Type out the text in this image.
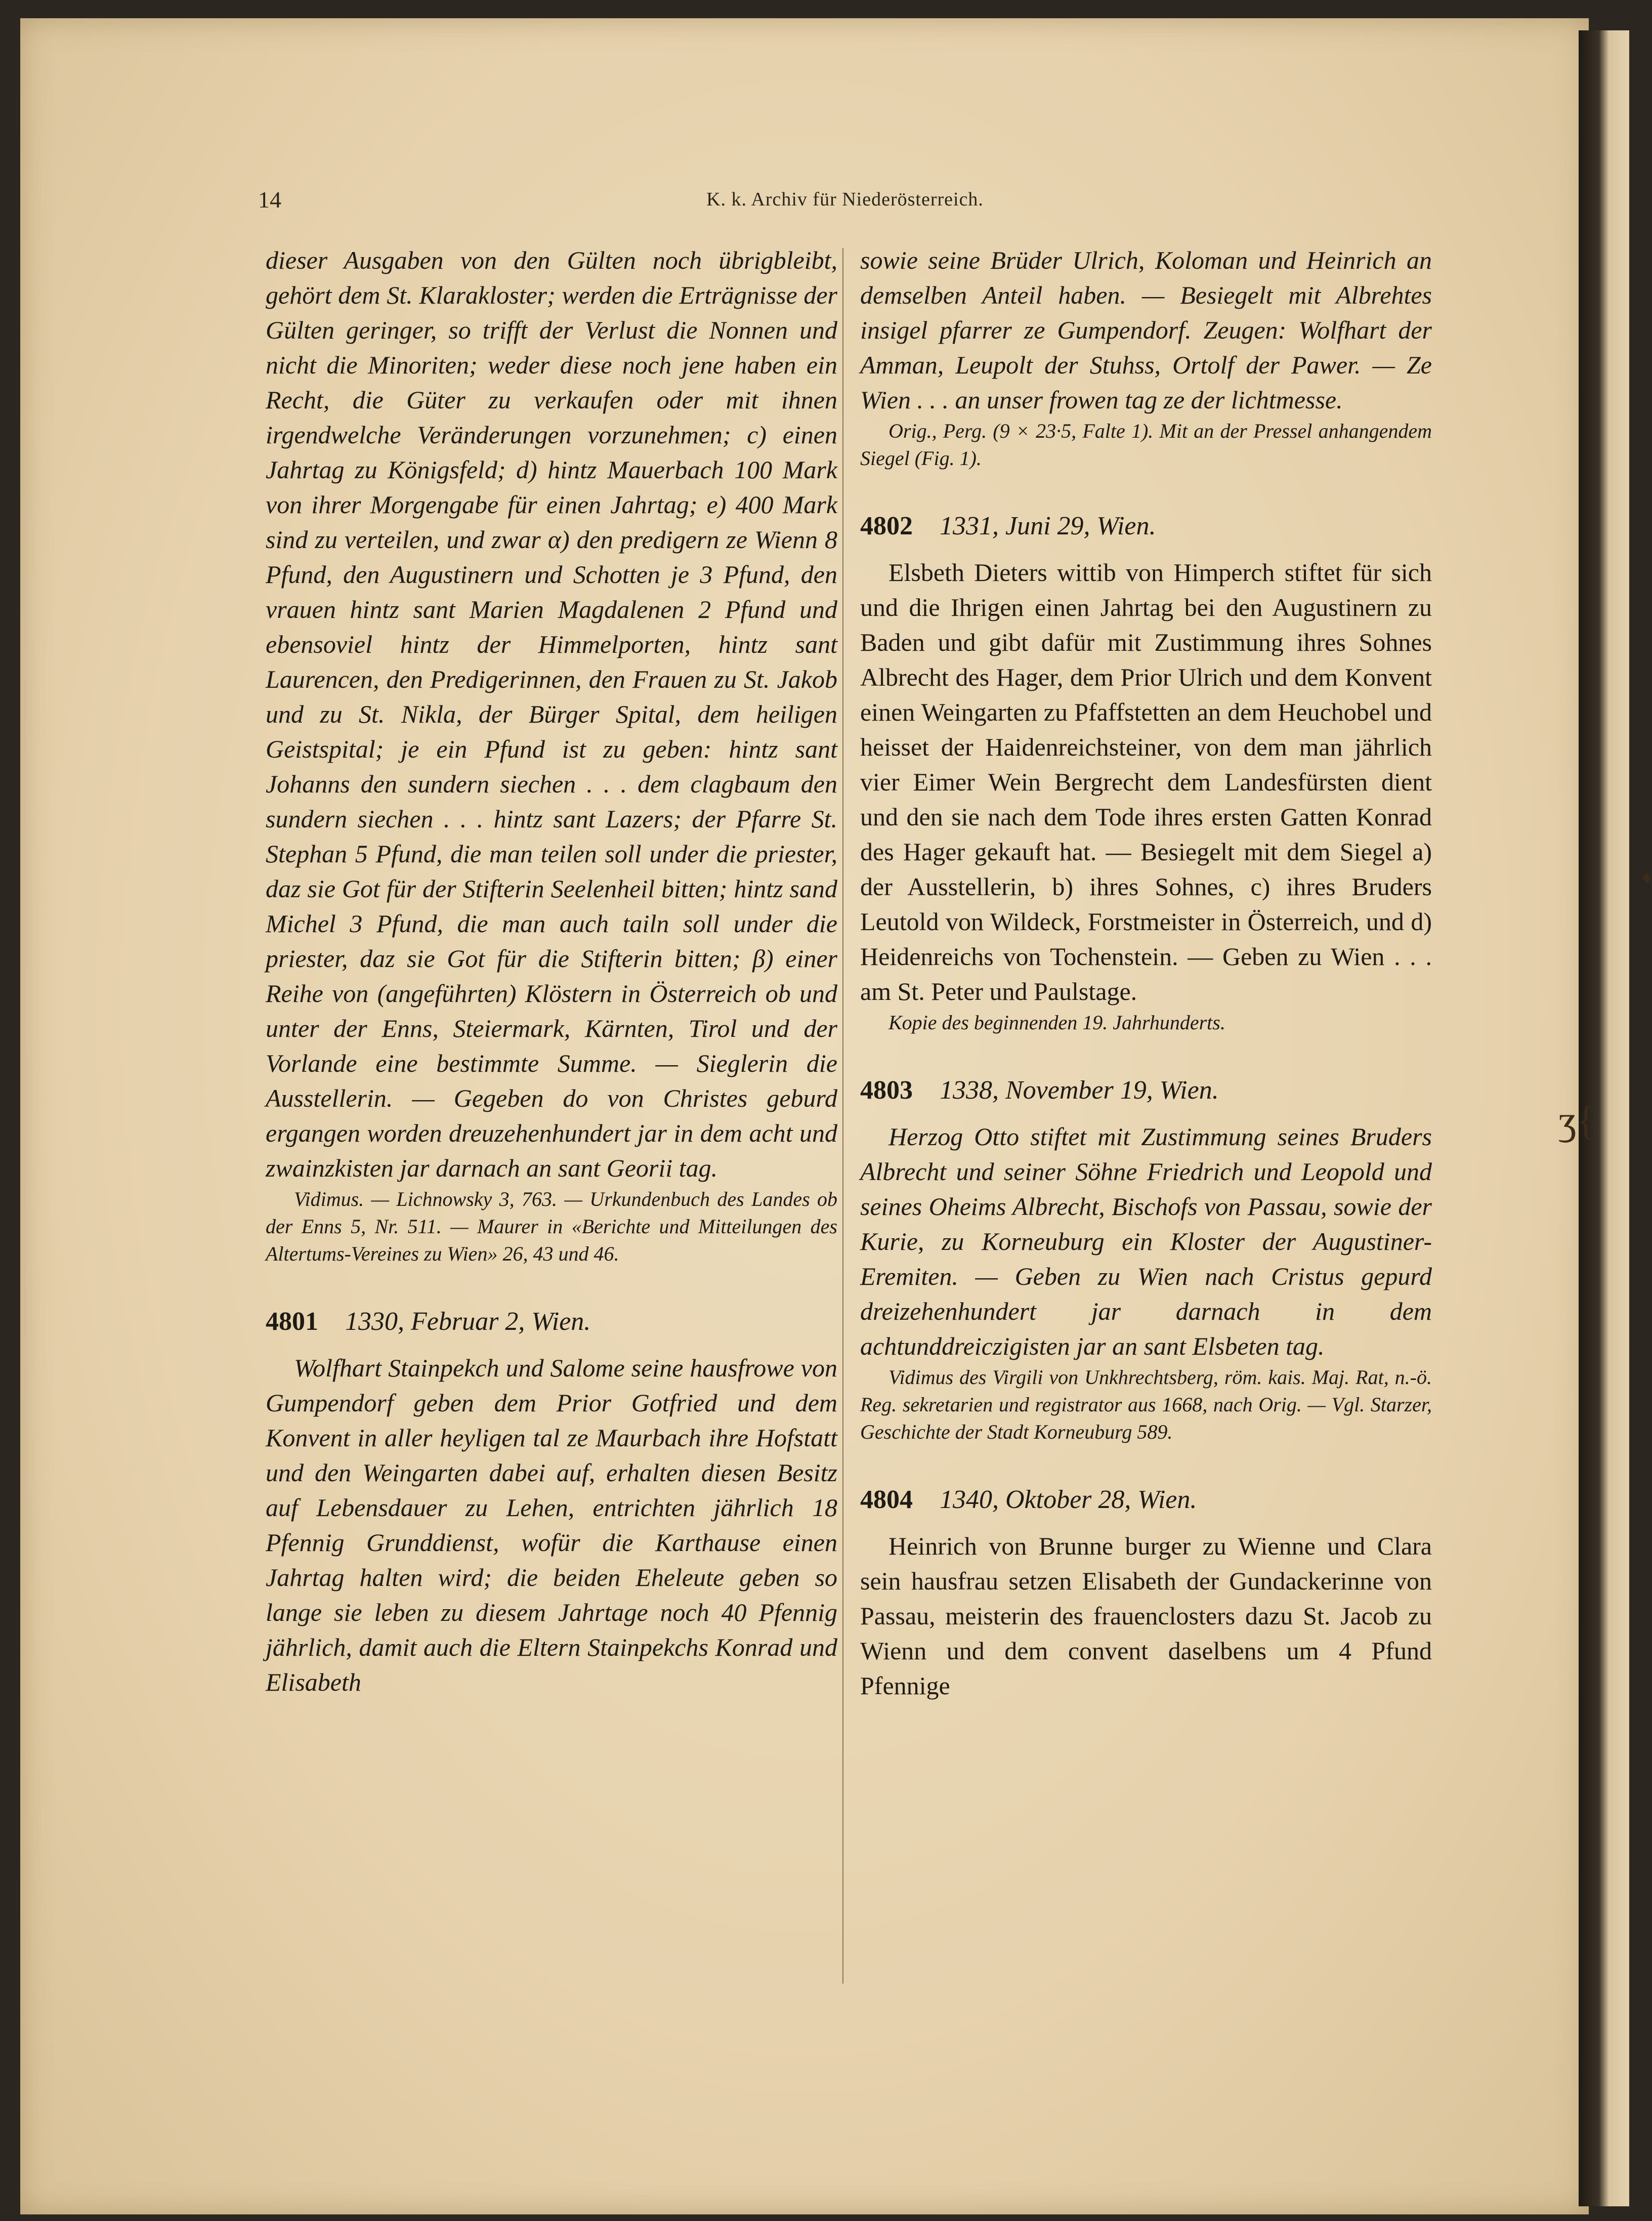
14	K. k. Archiv für Niederösterreich.

dieser Ausgaben von den Gülten noch übrigbleibt, gehört dem St. Klarakloster; werden die Erträgnisse der Gülten geringer, so trifft der Verlust die Nonnen und nicht die Minoriten; weder diese noch jene haben ein Recht, die Güter zu verkaufen oder mit ihnen irgendwelche Veränderungen vorzunehmen; c) einen Jahrtag zu Königsfeld; d) hintz Mauerbach 100 Mark von ihrer Morgengabe für einen Jahrtag; e) 400 Mark sind zu verteilen, und zwar α) den predigern ze Wienn 8 Pfund, den Augustinern und Schotten je 3 Pfund, den vrauen hintz sant Marien Magdalenen 2 Pfund und ebensoviel hintz der Himmelporten, hintz sant Laurencen, den Predigerinnen, den Frauen zu St. Jakob und zu St. Nikla, der Bürger Spital, dem heiligen Geistspital; je ein Pfund ist zu geben: hintz sant Johanns den sundern siechen . . . dem clagbaum den sundern siechen . . . hintz sant Lazers; der Pfarre St. Stephan 5 Pfund, die man teilen soll under die priester, daz sie Got für der Stifterin Seelenheil bitten; hintz sand Michel 3 Pfund, die man auch tailn soll under die priester, daz sie Got für die Stifterin bitten; β) einer Reihe von (angeführten) Klöstern in Österreich ob und unter der Enns, Steiermark, Kärnten, Tirol und der Vorlande eine bestimmte Summe. — Sieglerin die Ausstellerin. — Gegeben do von Christes geburd ergangen worden dreuzehenhundert jar in dem acht und zwainzkisten jar darnach an sant Georii tag.

Vidimus. — Lichnowsky 3, 763. — Urkundenbuch des Landes ob der Enns 5, Nr. 511. — Maurer in «Berichte und Mitteilungen des Altertums-Vereines zu Wien» 26, 43 und 46.

4801 1330, Februar 2, Wien.

Wolfhart Stainpekch und Salome seine hausfrowe von Gumpendorf geben dem Prior Gotfried und dem Konvent in aller heyligen tal ze Maurbach ihre Hofstatt und den Weingarten dabei auf, erhalten diesen Besitz auf Lebensdauer zu Lehen, entrichten jährlich 18 Pfennig Grunddienst, wofür die Karthause einen Jahrtag halten wird; die beiden Eheleute geben so lange sie leben zu diesem Jahrtage noch 40 Pfennig jährlich, damit auch die Eltern Stainpekchs Konrad und Elisabeth

sowie seine Brüder Ulrich, Koloman und Heinrich an demselben Anteil haben. — Besiegelt mit Albrehtes insigel pfarrer ze Gumpendorf. Zeugen: Wolfhart der Amman, Leupolt der Stuhss, Ortolf der Pawer. — Ze Wien . . . an unser frowen tag ze der lichtmesse.

Orig., Perg. (9 × 23·5, Falte 1). Mit an der Pressel anhangendem Siegel (Fig. 1).

4802 1331, Juni 29, Wien.

Elsbeth Dieters wittib von Himperch stiftet für sich und die Ihrigen einen Jahrtag bei den Augustinern zu Baden und gibt dafür mit Zustimmung ihres Sohnes Albrecht des Hager, dem Prior Ulrich und dem Konvent einen Weingarten zu Pfaffstetten an dem Heuchobel und heisset der Haidenreichsteiner, von dem man jährlich vier Eimer Wein Bergrecht dem Landesfürsten dient und den sie nach dem Tode ihres ersten Gatten Konrad des Hager gekauft hat. — Besiegelt mit dem Siegel a) der Ausstellerin, b) ihres Sohnes, c) ihres Bruders Leutold von Wildeck, Forstmeister in Österreich, und d) Heidenreichs von Tochenstein. — Geben zu Wien . . . am St. Peter und Paulstage.

Kopie des beginnenden 19. Jahrhunderts.

4803 1338, November 19, Wien.

Herzog Otto stiftet mit Zustimmung seines Bruders Albrecht und seiner Söhne Friedrich und Leopold und seines Oheims Albrecht, Bischofs von Passau, sowie der Kurie, zu Korneuburg ein Kloster der Augustiner-Eremiten. — Geben zu Wien nach Cristus gepurd dreizehenhundert jar darnach in dem achtunddreiczigisten jar an sant Elsbeten tag.

Vidimus des Virgili von Unkhrechtsberg, röm. kais. Maj. Rat, n.-ö. Reg. sekretarien und registrator aus 1668, nach Orig. — Vgl. Starzer, Geschichte der Stadt Korneuburg 589.

4804 1340, Oktober 28, Wien.

Heinrich von Brunne burger zu Wienne und Clara sein hausfrau setzen Elisabeth der Gundackerinne von Passau, meisterin des frauenclosters dazu St. Jacob zu Wienn und dem convent daselbens um 4 Pfund Pfennige

♦
ʒ{
